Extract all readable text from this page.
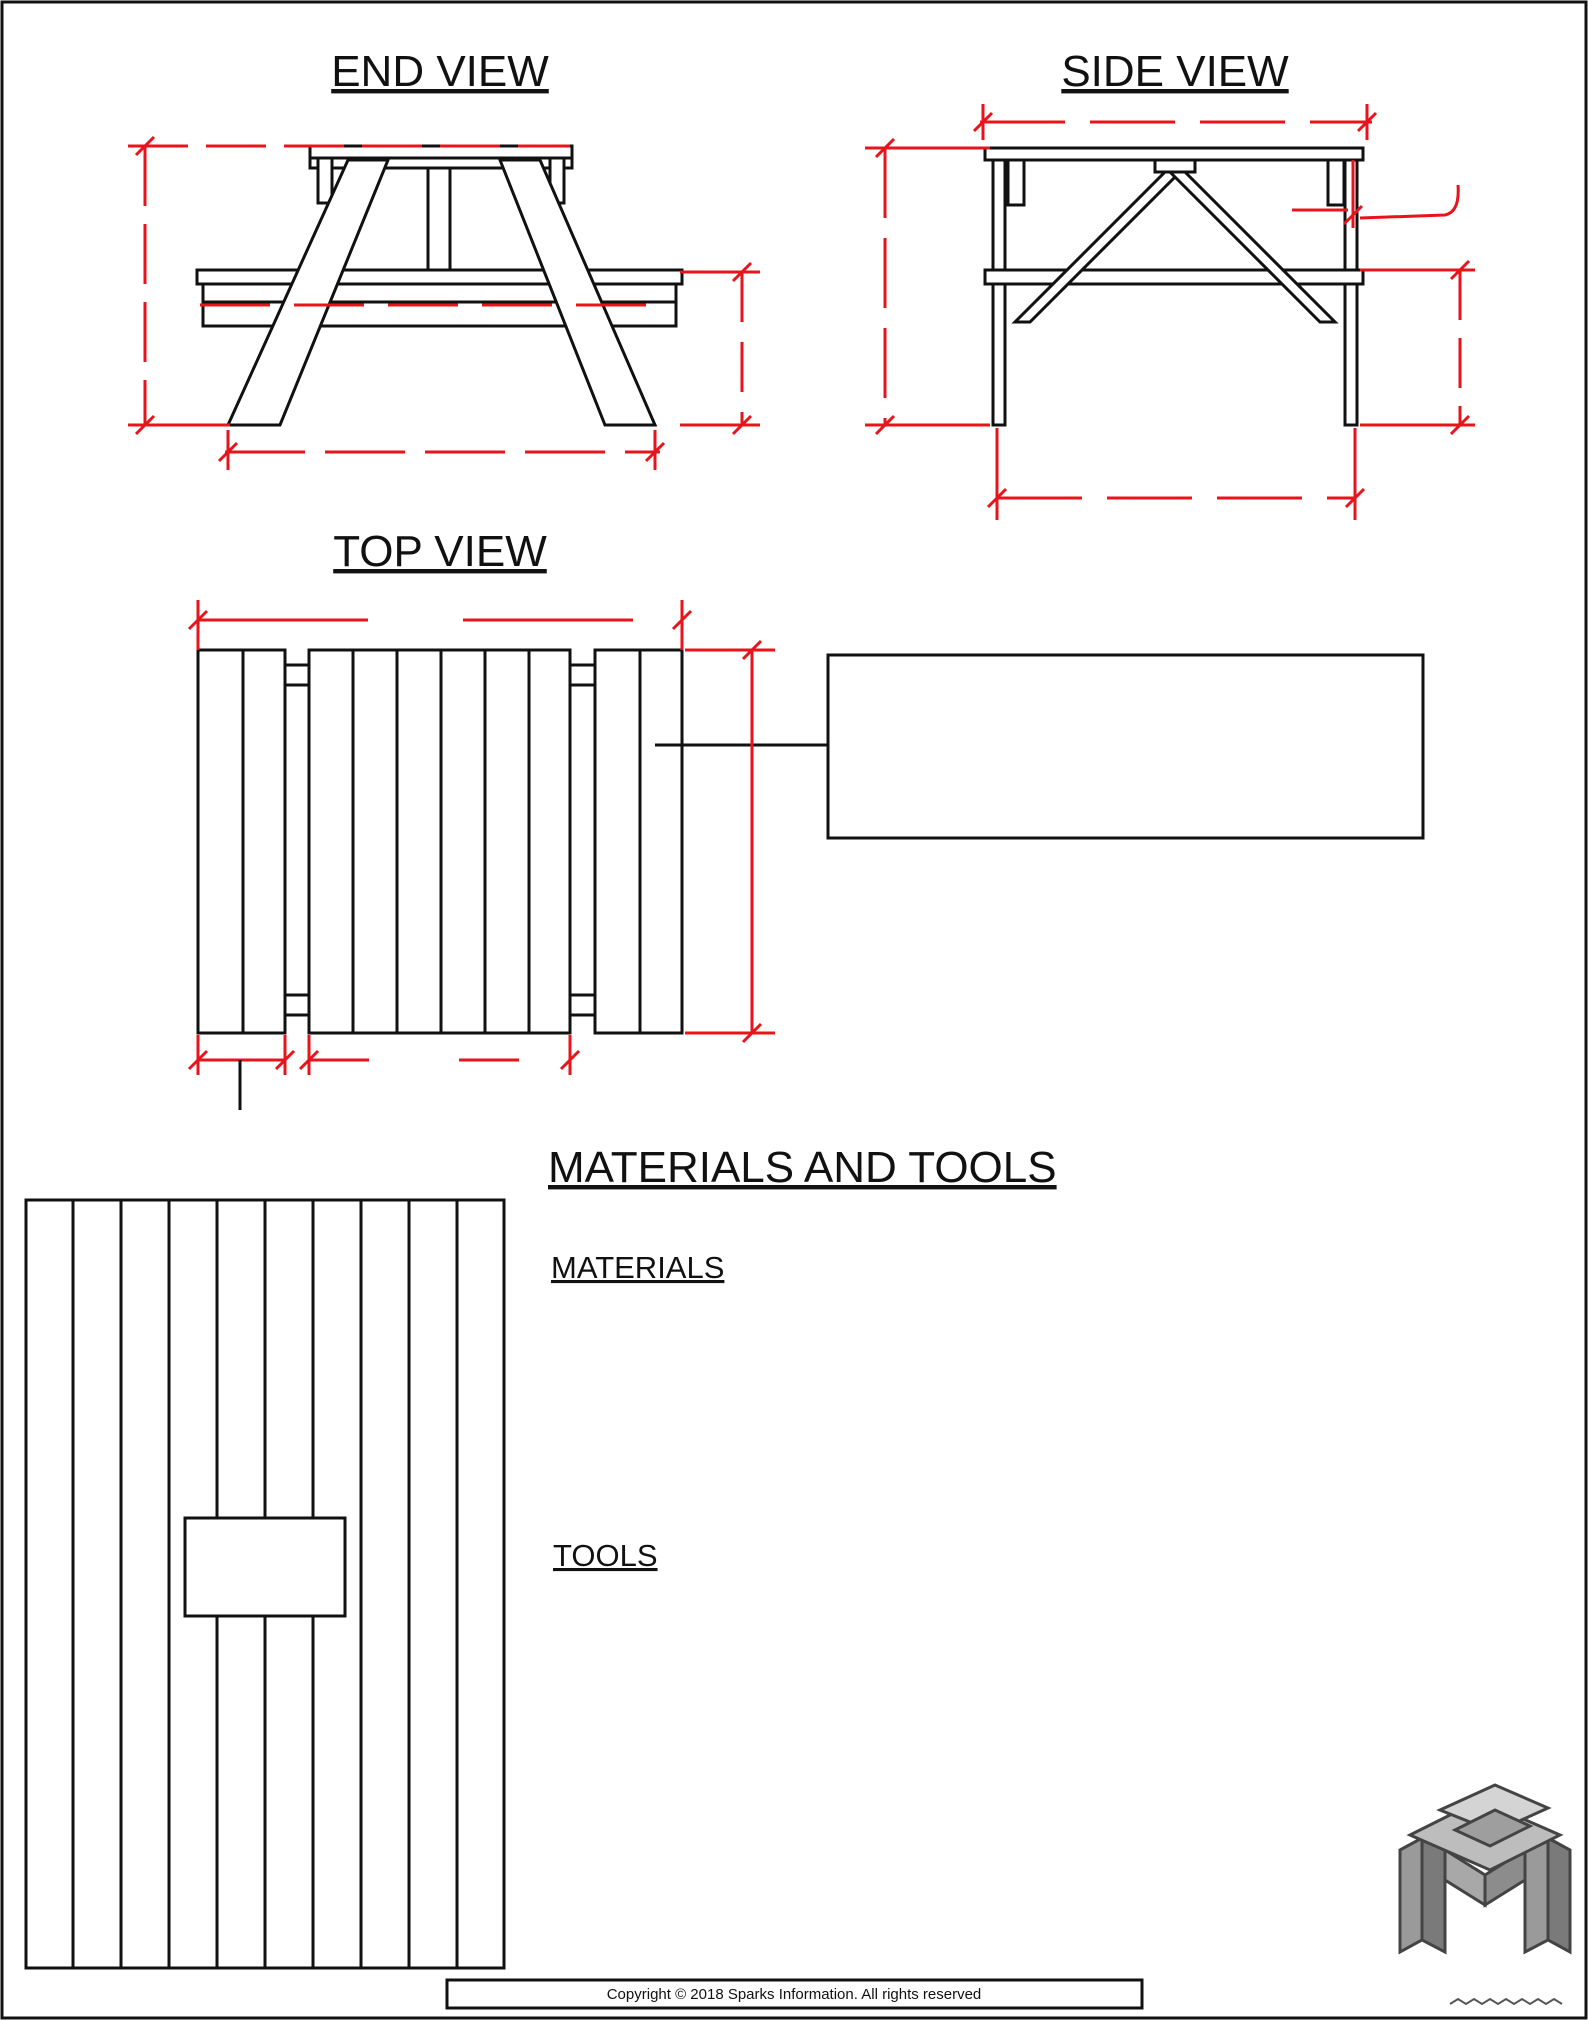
END VIEW	SIDE VIEW
TOP VIEW
MATERIALS AND TOOLS
MATERIALS
TOOLS
Copyright © 2018 Sparks Information. All rights reserved
